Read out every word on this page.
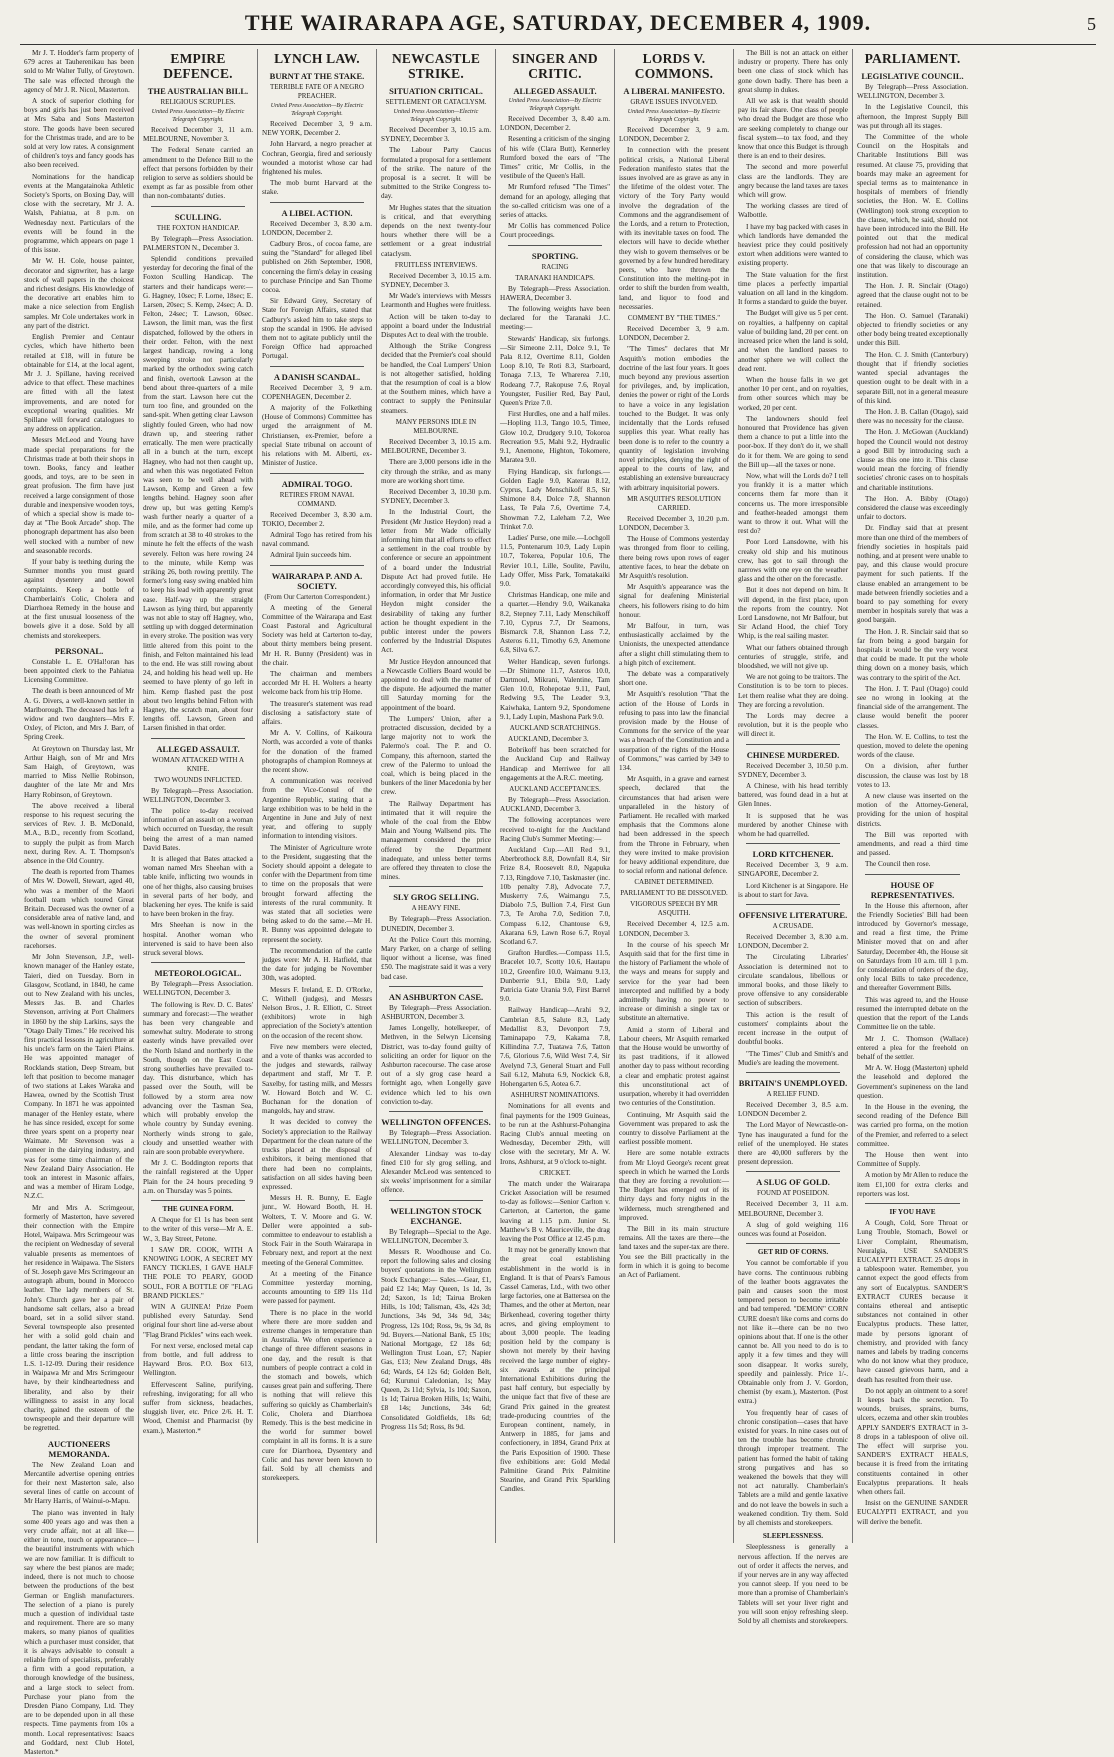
THE WAIRARAPA AGE, SATURDAY, DECEMBER 4, 1909.	5

Mr J. T. Hodder's farm property of 679 acres at Tauherenikau has been sold to Mr Walter Tully, of Greytown. The sale was effected through the agency of Mr J. R. Nicol, Masterton.

A stock of superior clothing for boys and girls has just been received at Mrs Saba and Sons Masterton store. The goods have been secured for the Christmas trade, and are to be sold at very low rates. A consignment of children's toys and fancy goods has also been received.

Nominations for the handicap events at the Mangatainoka Athletic Society's Sports, on Boxing Day, will close with the secretary, Mr J. A. Walsh, Pahiatua, at 8 p.m. on Wednesday next. Particulars of the events will be found in the programme, which appears on page 1 of this issue.

Mr W. H. Cole, house painter, decorator and signwriter, has a large stock of wall papers in the choicest and richest designs. His knowledge of the decorative art enables him to make a nice selection from English samples. Mr Cole undertakes work in any part of the district.

English Premier and Centaur cycles, which have hitherto been retailed at £18, will in future be obtainable for £14, at the local agent, Mr J. J. Spillane, having received advice to that effect. These machines are fitted with all the latest improvements, and are noted for exceptional wearing qualities. Mr Spillane will forward catalogues to any address on application.

Messrs McLeod and Young have made special preparations for the Christmas trade at both their shops in town. Books, fancy and leather goods, and toys, are to be seen in great profusion. The firm have just received a large consignment of those durable and inexpensive wooden toys, of which a special show is made to-day at "The Book Arcade" shop. The phonograph department has also been well stocked with a number of new and seasonable records.

If your baby is teething during the Summer months you must guard against dysentery and bowel complaints. Keep a bottle of Chamberlain's Colic, Cholera and Diarrhoea Remedy in the house and at the first unusual looseness of the bowels give it a dose. Sold by all chemists and storekeepers.

PERSONAL.

Constable L. E. O'Hal!oran has been appointed clerk to the Pahiatua Licensing Committee.

The death is been announced of Mr A. G. Divers, a well-known settler in Marlborough. The deceased has left a widow and two daughters—Mrs F. Oxley, of Picton, and Mrs J. Barr, of Spring Creek.

At Greytown on Thursday last, Mr Arthur Haigh, son of Mr and Mrs Sam Haigh, of Greytown, was married to Miss Nellie Robinson, daughter of the late Mr and Mrs Harry Robinson, of Greytown.

The above received a liberal response to his request securing the services of Rev. J. B. McDonald, M.A., B.D., recently from Scotland, to supply the pulpit as from March next, during Rev. A. T. Thompson's absence in the Old Country.

The death is reported from Thames of Mrs W. Dowell, Stewart, aged 40, who was a member of the Maori football team which toured Great Britain. Deceased was the owner of a considerable area of native land, and was well-known in sporting circles as the owner of several prominent racehorses.

Mr John Stevenson, J.P., well-known manager of the Hanley estate, Taieri, died on Tuesday. Born in Glasgow, Scotland, in 1840, he came out to New Zealand with his uncles, Messrs Jas. B. and Charles Stevenson, arriving at Port Chalmers in 1860 by the ship Larkins, says the "Otago Daily Times." He received his first practical lessons in agriculture at his uncle's farm on the Taieri Plains. He was appointed manager of Rocklands station, Deep Stream, but left that position to become manager of two stations at Lakes Waraka and Hawea, owned by the Scottish Trust Company. In 1871 he was appointed manager of the Henley estate, where he has since resided, except for some three years spent on a property near Waimate. Mr Stevenson was a pioneer in the dairying industry, and was for some time chairman of the New Zealand Dairy Association. He took an interest in Masonic affairs, and was a member of Hiram Lodge, N.Z.C.

Mr and Mrs A. Scrimgeour, formerly of Masterton, have severed their connection with the Empire Hotel, Waipawa. Mrs Scrimgeour was the recipient on Wednesday of several valuable presents as mementoes of her residence in Waipawa. The Sisters of St. Joseph gave Mrs Scrimgeour an autograph album, bound in Morocco leather. The lady members of St. John's Church gave her a pair of handsome salt cellars, also a bread board, set in a solid silver stand. Several townspeople also presented her with a solid gold chain and pendant, the latter taking the form of a little cross bearing the inscription L.S. 1-12-09. During their residence in Waipawa Mr and Mrs Scrimgeour have, by their kindheartedness and liberality, and also by their willingness to assist in any local charity, gained the esteem of the townspeople and their departure will be regretted.

AUCTIONEERS MEMORANDA.

The New Zealand Loan and Mercantile advertise opening entries for their next Masterton sale, also several lines of cattle on account of Mr Harry Harris, of Wainui-o-Mapu.

The piano was invented in Italy some 400 years ago and was then a very crude affair, not at all like—either in tone, touch or appearance—the beautiful instruments with which we are now familiar. It is difficult to say where the best pianos are made; indeed, there is not much to choose between the productions of the best German or English manufacturers. The selection of a piano is purely much a question of individual taste and requirement. There are so many makers, so many pianos of qualities which a purchaser must consider, that it is always advisable to consult a reliable firm of specialists, preferably a firm with a good reputation, a thorough knowledge of the business, and a large stock to select from. Purchase your piano from the Dresden Piano Company, Ltd. They are to be depended upon in all these respects. Time payments from 10s a month. Local representatives: Isaacs and Goddard, next Club Hotel, Masterton.*

EMPIRE DEFENCE.
THE AUSTRALIAN BILL.
RELIGIOUS SCRUPLES.
United Press Association—By Electric Telegraph Copyright.

Received December 3, 11 a.m. MELBOURNE, November 3.

The Federal Senate carried an amendment to the Defence Bill to the effect that persons forbidden by their religion to serve as soldiers should be exempt as far as possible from other than non-combatants' duties.

SCULLING.
THE FOXTON HANDICAP.

By Telegraph—Press Association. PALMERSTON N., December 3.

Splendid conditions prevailed yesterday for decoring the final of the Foxton Sculling Handicap. The starters and their handicaps were:— G. Hagney, 10sec; F. Lorne, 18sec; E. Larsen, 20sec; S. Kemp, 24sec; A. D. Felton, 24sec; T. Lawson, 60sec. Lawson, the limit man, was the first dispatched, followed by the others in their order. Felton, with the next largest handicap, rowing a long sweeping stroke not particularly marked by the orthodox swing catch and finish, overtook Lawson at the bend about three-quarters of a mile from the start. Lawson here cut the turn too fine, and grounded on the sand-spit. When getting clear Lawson slightly fouled Green, who had now drawn up, and steering rather erratically. The men were practically all in a bunch at the turn, except Hagney, who had not then caught up, and when this was negotiated Felton was seen to be well ahead with Lawson, Kemp and Green a few lengths behind. Hagney soon after drew up, but was getting Kemp's wash further nearly a quarter of a mile, and as the former had come up from scratch at 38 to 40 strokes to the minute he felt the effects of the wash severely. Felton was here rowing 24 to the minute, while Kemp was striking 26, both rowing prettily. The former's long easy swing enabled him to keep his lead with apparently great ease. Half-way up the straight Lawson as lying third, but apparently was not able to stay off Hagney, who, settling up with dogged determination in every stroke. The position was very little altered from this point to the finish, and Felton maintained his lead to the end. He was still rowing about 24, and holding his head well up. He seemed to have plenty of go left in him. Kemp flashed past the post about two lengths behind Felton with Hagney, the scratch man, about four lengths off. Lawson, Green and Larsen finished in that order.

ALLEGED ASSAULT.
WOMAN ATTACKED WITH A KNIFE.
TWO WOUNDS INFLICTED.

By Telegraph—Press Association. WELLINGTON, December 3.

The police to-day received information of an assault on a woman which occurred on Tuesday, the result being the arrest of a man named David Bates.

It is alleged that Bates attacked a woman named Mrs Sheehan with a table knife, inflicting two wounds in one of her thighs, also causing bruises in several parts of her body, and blackening her eyes. The knife is said to have been broken in the fray.

Mrs Sheehan is now in the hospital. Another woman who intervened is said to have been also struck several blows.

METEOROLOGICAL.

By Telegraph—Press Association. WELLINGTON, December 3.

The following is Rev. D. C. Bates' summary and forecast:—The weather has been very changeable and somewhat sultry. Moderate to strong easterly winds have prevailed over the North Island and northerly in the South, though on the East Coast strong southerlies have prevailed to-day. This disturbance, which has passed over the South, will be followed by a storm area now advancing over the Tasman Sea, which will probably envelop the whole country by Sunday evening. Northerly winds strong to gale, cloudy and unsettled weather with rain are soon probable everywhere.

Mr J. C. Boddington reports that the rainfall registered at the Upper Plain for the 24 hours preceding 9 a.m. on Thursday was 5 points.

THE GUINEA FORM.

A Cheque for £1 1s has been sent to the writer of this verse—Mr A. E. W., 3, Bay Street, Petone.

I SAW DR. COOK, WITH A KNOWING LOOK, A SECRET MY FANCY TICKLES, I GAVE HALF THE POLE TO PEARY, GOOD SOUL, FOR A BOTTLE OF "FLAG BRAND PICKLES."

WIN A GUINEA! Prize Poem published every Saturday. Send original four short line ad-verse about "Flag Brand Pickles" wins each week.

For next verse, enclosed metal cap from bottle, and full address to Hayward Bros. P.O. Box 613, Wellington.

Effervescent Saline, purifying, refreshing, invigorating; for all who suffer from sickness, headaches, sluggish liver, etc. Price 2/6. H. T. Wood, Chemist and Pharmacist (by exam.), Masterton.*

LYNCH LAW.
BURNT AT THE STAKE.
TERRIBLE FATE OF A NEGRO PREACHER.
United Press Association—By Electric Telegraph Copyright.

Received December 3, 9 a.m. NEW YORK, December 2.

John Harvard, a negro preacher at Cochran, Georgia, fired and seriously wounded a motorist whose car had frightened his mules.

The mob burnt Harvard at the stake.

A LIBEL ACTION.

Received December 3, 8.30 a.m. LONDON, December 2.

Cadbury Bros., of cocoa fame, are suing the "Standard" for alleged libel published on 26th September, 1908, concerning the firm's delay in ceasing to purchase Principe and San Thome cocoa.

Sir Edward Grey, Secretary of State for Foreign Affairs, stated that Cadbury's asked him to take steps to stop the scandal in 1906. He advised them not to agitate publicly until the Foreign Office had approached Portugal.

A DANISH SCANDAL.

Received December 3, 9 a.m. COPENHAGEN, December 2.

A majority of the Folkething (House of Commons) Committee has urged the arraignment of M. Christiansen, ex-Premier, before a special State tribunal on account of his relations with M. Alberti, ex-Minister of Justice.

ADMIRAL TOGO.
RETIRES FROM NAVAL COMMAND.

Received December 3, 8.30 a.m. TOKIO, December 2.

Admiral Togo has retired from his naval command.

Admiral Ijuin succeeds him.

WAIRARAPA P. AND A. SOCIETY.
(From Our Carterton Correspondent.)

A meeting of the General Committee of the Wairarapa and East Coast Pastoral and Agricultural Society was held at Carterton to-day, about thirty members being present. Mr H. R. Bunny (President) was in the chair.

The chairman and members accorded Mr H. H. Wolters a hearty welcome back from his trip Home.

The treasurer's statement was read disclosing a satisfactory state of affairs.

Mr A. V. Collins, of Kaikoura North, was accorded a vote of thanks for the donation of the framed photographs of champion Romneys at the recent show.

A communication was received from the Vice-Consul of the Argentine Republic, stating that a large exhibition was to be held in the Argentine in June and July of next year, and offering to supply information to intending visitors.

The Minister of Agriculture wrote to the President, suggesting that the Society should appoint a delegate to confer with the Department from time to time on the proposals that were brought forward affecting the interests of the rural community. It was stated that all societies were being asked to do the same.—Mr H. R. Bunny was appointed delegate to represent the society.

The recommendation of the cattle judges were: Mr A. H. Hatfield, that the date for judging be November 30th, was adopted.

Messrs F. Ireland, E. D. O'Rorke, C. Withell (judges), and Messrs Nelson Bros., J. R. Elliott, C. Street (exhibitors) wrote in high appreciation of the Society's attention on the occasion of the recent show.

Five new members were elected, and a vote of thanks was accorded to the judges and stewards, railway department and staff, Mr T. P. Saxelby, for tasting milk, and Messrs W. Howard Botch and W. C. Buchanan for the donation of mangolds, hay and straw.

It was decided to convey the Society's appreciation to the Railway Department for the clean nature of the trucks placed at the disposal of exhibitors, it being mentioned that there had been no complaints, satisfaction on all sides having been expressed.

Messrs H. R. Bunny, E. Eagle junr., W. Howard Booth, H. H. Wolters, T. V. Moore and G. W. Deller were appointed a sub-committee to endeavour to establish a Stock Fair in the South Wairarapa in February next, and report at the next meeting of the General Committee.

At a meeting of the Finance Committee yesterday morning, accounts amounting to £89 11s 11d were passed for payment.

There is no place in the world where there are more sudden and extreme changes in temperature than in Australia. We often experience a change of three different seasons in one day, and the result is that numbers of people contract a cold in the stomach and bowels, which causes great pain and suffering. There is nothing that will relieve this suffering so quickly as Chamberlain's Colic, Cholera and Diarrhoea Remedy. This is the best medicine in the world for summer bowel complaint in all its forms. It is a sure cure for Diarrhoea, Dysentery and Colic and has never been known to fail. Sold by all chemists and storekeepers.

NEWCASTLE STRIKE.
SITUATION CRITICAL.
SETTLEMENT OR CATACLYSM.
United Press Association—Electric Telegraph Copyright.

Received December 3, 10.15 a.m. SYDNEY, December 3.

The Labour Party Caucus formulated a proposal for a settlement of the strike. The nature of the proposal is a secret. It will be submitted to the Strike Congress to-day.

Mr Hughes states that the situation is critical, and that everything depends on the next twenty-four hours whether there will be a settlement or a great industrial cataclysm.

FRUITLESS INTERVIEWS.

Received December 3, 10.15 a.m. SYDNEY, December 3.

Mr Wade's interviews with Messrs Learmonth and Hughes were fruitless.

Action will be taken to-day to appoint a board under the Industrial Disputes Act to deal with the trouble.

Although the Strike Congress decided that the Premier's coal should be handled, the Coal Lumpers' Union is not altogether satisfied, holding that the resumption of coal is a blow at the Southern mines, which have a contract to supply the Peninsular steamers.

MANY PERSONS IDLE IN MELBOURNE.

Received December 3, 10.15 a.m. MELBOURNE, December 3.

There are 3,000 persons idle in the city through the strike, and as many more are working short time.

Received December 3, 10.30 p.m. SYDNEY, December 3.

In the Industrial Court, the President (Mr Justice Heydon) read a letter from Mr Wade officially informing him that all efforts to effect a settlement in the coal trouble by conference or secure an appointment of a board under the Industrial Dispute Act had proved futile. He accordingly conveyed this, his official information, in order that Mr Justice Heydon might consider the desirability of taking any further action he thought expedient in the public interest under the powers conferred by the Industrial Disputes Act.

Mr Justice Heydon announced that a Newcastle Colliers Board would be appointed to deal with the matter of the dispute. He adjourned the matter till Saturday morning for the appointment of the board.

The Lumpers' Union, after a protracted discussion, decided by a large majority not to work the Palermo's coal. The P. and O. Company, this afternoon, started the crew of the Palermo to unload the coal, which is being placed in the bunkers of the liner Macedonia by her crew.

The Railway Department has intimated that it will require the whole of the coal from the Ebbw Main and Young Wallsend pits. The management considered the price offered by the Department inadequate, and unless better terms are offered they threaten to close the mines.

SLY GROG SELLING.
A HEAVY FINE.

By Telegraph—Press Association. DUNEDIN, December 3.

At the Police Court this morning, Mary Parker, on a charge of selling liquor without a license, was fined £50. The magistrate said it was a very bad case.

AN ASHBURTON CASE.

By Telegraph—Press Association. ASHBURTON, December 3.

James Longelly, hotelkeeper, of Methven, in the Selwyn Licensing District, was to-day found guilty of soliciting an order for liquor on the Ashburton racecourse. The case arose out of a sly grog case heard a fortnight ago, when Longelly gave evidence which led to his own conviction to-day.

WELLINGTON OFFENCES.

By Telegraph—Press Association. WELLINGTON, December 3.

Alexander Lindsay was to-day fined £10 for sly grog selling, and Alexander McLeod was sentenced to six weeks' imprisonment for a similar offence.

WELLINGTON STOCK EXCHANGE.

By Telegraph—Special to the Age. WELLINGTON, December 3.

Messrs R. Woodhouse and Co. report the following sales and closing buyers' quotations in the Wellington Stock Exchange:— Sales.—Gear, £1, paid £2 14s; May Queen, 1s 1d, 3s 2d; Saxon, 1s 1d; Tairua Broken Hills, 1s 10d; Talisman, 43s, 42s 3d; Junctions, 34s 9d, 34s 9d, 34s; Progress, 12s 10d; Ross, 9s, 9s 3d, 8s 9d. Buyers.—National Bank, £5 10s; National Mortgage, £2 18s 6d; Wellington Trust Loan, £7; Napier Gas, £13; New Zealand Drugs, 48s 6d; Wards, £4 12s 6d; Golden Belt, 6d; Kurunui Caledonian, 1s; May Queen, 2s 11d; Sylvia, 1s 10d; Saxon, 1s 1d; Tairua Broken Hills, 1s; Waihi, £8 14s; Junctions, 34s 6d; Consolidated Goldfields, 18s 6d; Progress 11s 5d; Ross, 8s 9d.

SINGER AND CRITIC.
ALLEGED ASSAULT.
United Press Association—By Electric Telegraph Copyright.

Received December 3, 8.40 a.m. LONDON, December 2.

Resenting a criticism of the singing of his wife (Clara Butt), Kennerley Rumford boxed the ears of "The Times" critic, Mr Collis, in the vestibule of the Queen's Hall.

Mr Rumford refused "The Times" demand for an apology, alleging that the so-called criticism was one of a series of attacks.

Mr Collis has commenced Police Court proceedings.

SPORTING.
RACING
TARANAKI HANDICAPS.

By Telegraph—Press Association. HAWERA, December 3.

The following weights have been declared for the Taranaki J.C. meeting:—

Stewards' Handicap, six furlongs.—Sir Simeone 2.11, Dolce 9.1, Te Pala 8.12, Overtime 8.11, Golden Loop 8.10, Te Roti 8.3, Starboard, Tonaga 7.13, Te Wharerea 7.10, Rodeang 7.7, Rakopuse 7.6, Royal Youngster, Fusilier Red, Bay Paul, Queen's Prize 7.0.

First Hurdles, one and a half miles.—Hopling 11.3, Tango 10.5, Timee, Glow 10.2, Drudgery 9.10, Tokoroa Recreation 9.5, Mahi 9.2, Hydraulic 9.1, Anemone, Highton, Tokomere, Maratea 9.0.

Flying Handicap, six furlongs.—Golden Eagle 9.0, Katerau 8.12, Cyprus, Lady Menschikoff 8.5, Sir Shimone 8.4, Dolce 7.8, Shannon Lass, Te Pala 7.6, Overtime 7.4, Showman 7.2, Laleham 7.2, Wee Trinket 7.0.

Ladies' Purse, one mile.—Lochgoll 11.5, Pontenarum 10.9, Lady Lupin 10.7, Tokerea, Popular 10.6, The Revier 10.1, Lille, Soulite, Pavilu, Lady Offer, Miss Park, Tomatakaiki 9.0.

Christmas Handicap, one mile and a quarter.—Hendry 9.0, Waikanaka 8.2, Stepney 7.11, Lady Menschikoff 7.10, Cyprus 7.7, Dr Seamons, Bismarck 7.8, Shannon Lass 7.2, Asteros 6.11, Timothy 6.9, Anemone 6.8, Silva 6.7.

Welter Handicap, seven furlongs.—Dr Shimone 11.7, Asteros 10.0, Dartmoul, Mikrani, Valentine, Tam Glen 10.0, Rohepotae 9.11, Paul, Redwing 9.5, The Leader 9.3, Kaiwhaka, Lantern 9.2, Spondomene 9.1, Lady Lupin, Mashona Park 9.0.

AUCKLAND SCRATCHINGS.

AUCKLAND, December 3.

Bobrikoff has been scratched for the Auckland Cup and Railway Handicap and Merriwee for all engagements at the A.R.C. meeting.

AUCKLAND ACCEPTANCES.

By Telegraph—Press Association. AUCKLAND, December 3.

The following acceptances were received to-night for the Auckland Racing Club's Summer Meeting:—

Auckland Cup.—All Red 9.1, Aberbrothock 8.8, Downfall 8.4, Sir Frize 8.4, Roosevelt 8.0, Ngapuka 7.13, Ringdove 7.10, Taskmaster (inc. 10b penalty 7.8), Advocate 7.7, Muskerry 7.6, Waimangu 7.5, Diabolo 7.5, Bullion 7.4, First Gun 7.3, Te Aroha 7.0, Sedition 7.0, Compass 6.12, Chantouse 6.9, Akarana 6.9, Lawn Rose 6.7, Royal Scotland 6.7.

Grafton Hurdles.—Compass 11.5, Bracelet 10.7, Scotty 10.6, Hautapu 10.2, Greenfire 10.0, Waimanu 9.13, Dunberrie 9.1, Ebila 9.0, Lady Patricia Gate Urania 9.0, First Barrel 9.0.

Railway Handicap—Arahi 9.2, Cambrian 8.5, Salute 8.3, Lady Medallist 8.3, Devonport 7.9, Taminapapo 7.9, Kakama 7.8, Killindina 7.7, Tuatawa 7.6, Tatton 7.6, Glorious 7.6, Wild West 7.4, Sir Avelynd 7.3, General Stuart and Full Sail 6.12, Mahuta 6.9, Nockick 6.8, Hohengarten 6.5, Aotea 6.7.

ASHHURST NOMINATIONS.

Nominations for all events and final payments for the 1909 Guineas, to be run at the Ashhurst-Pohangina Racing Club's annual meeting on Wednesday, December 29th, will close with the secretary, Mr A. W. Irons, Ashhurst, at 9 o'clock to-night.

CRICKET.

The match under the Wairarapa Cricket Association will be resumed to-day as follows:—Senior Carlton v. Carterton, at Carterton, the game leaving at 1.15 p.m. Junior St. Matthew's B v. Mauriceville, the drag leaving the Post Office at 12.45 p.m.

It may not be generally known that the great coal establishing establishment in the world is in England. It is that of Pears's Famous Cassel Cameras, Ltd., with two other large factories, one at Battersea on the Thames, and the other at Merton, near Birkenhead, covering together thirty acres, and giving employment to about 3,000 people. The leading position held by the company is shown not merely by their having received the large number of eighty-six awards at the principal International Exhibitions during the past half century, but especially by the unique fact that five of these are Grand Prix gained in the greatest trade-producing countries of the European continent, namely, in Antwerp in 1885, for jams and confectionery, in 1894, Grand Prix at the Paris Exposition of 1900. These five exhibitions are: Gold Medal Palmitine Grand Prix Palmitine Stearine, and Grand Prix Sparkling Candles.

LORDS V. COMMONS.
A LIBERAL MANIFESTO.
GRAVE ISSUES INVOLVED.
United Press Association—By Electric Telegraph Copyright.

Received December 3, 9 a.m. LONDON, December 2.

In connection with the present political crisis, a National Liberal Federation manifesto states that the issues involved are as grave as any in the lifetime of the oldest voter. The victory of the Tory Party would involve the degradation of the Commons and the aggrandisement of the Lords, and a return to Protection, with its inevitable taxes on food. The electors will have to decide whether they wish to govern themselves or be governed by a few hundred hereditary peers, who have thrown the Constitution into the melting-pot in order to shift the burden from wealth, land, and liquor to food and necessaries.

COMMENT BY "THE TIMES."

Received December 3, 9 a.m. LONDON, December 2.

"The Times" declares that Mr Asquith's motion embodies the doctrine of the last four years. It goes much beyond any previous assertion for privileges, and, by implication, denies the power or right of the Lords to have a voice in any legislation touched to the Budget. It was only incidentally that the Lords refused supplies this year. What really has been done is to refer to the country a quantity of legislation involving novel principles, denying the right of appeal to the courts of law, and establishing an extensive bureaucracy with arbitrary inquisitorial powers.

MR ASQUITH'S RESOLUTION CARRIED.

Received December 3, 10.20 p.m. LONDON, December 3.

The House of Commons yesterday was thronged from floor to ceiling, there being rows upon rows of eager attentive faces, to hear the debate on Mr Asquith's resolution.

Mr Asquith's appearance was the signal for deafening Ministerial cheers, his followers rising to do him honour.

Mr Balfour, in turn, was enthusiastically acclaimed by the Unionists, the unexpected attendance after a slight chill stimulating them to a high pitch of excitement.

The debate was a comparatively short one.

Mr Asquith's resolution "That the action of the House of Lords in refusing to pass into law the financial provision made by the House of Commons for the service of the year was a breach of the Constitution and a usurpation of the rights of the House of Commons," was carried by 349 to 134.

Mr Asquith, in a grave and earnest speech, declared that the circumstances that had arisen were unparalleled in the history of Parliament. He recalled with marked emphasis that the Commons alone had been addressed in the speech from the Throne in February, when they were invited to make provision for heavy additional expenditure, due to social reform and national defence.

CABINET DETERMINED.
PARLIAMENT TO BE DISSOLVED.
VIGOROUS SPEECH BY MR ASQUITH.

Received December 4, 12.5 a.m. LONDON, December 3.

In the course of his speech Mr Asquith said that for the first time in the history of Parliament the whole of the ways and means for supply and service for the year had been intercepted and nullified by a body admittedly having no power to increase or diminish a single tax or substitute an alternative.

Amid a storm of Liberal and Labour cheers, Mr Asquith remarked that the House would be unworthy of its past traditions, if it allowed another day to pass without recording a clear and emphatic protest against this unconstitutional act of usurpation, whereby it had overridden two centuries of the Constitution.

Continuing, Mr Asquith said the Government was prepared to ask the country to dissolve Parliament at the earliest possible moment.

Here are some notable extracts from Mr Lloyd George's recent great speech in which he warned the Lords that they are forcing a revolution:— The Budget has emerged out of its thirty days and forty nights in the wilderness, much strengthened and improved.

The Bill in its main structure remains. All the taxes are there—the land taxes and the super-tax are there. You see the Bill practically in the form in which it is going to become an Act of Parliament.

The Bill is not an attack on either industry or property. There has only been one class of stock which has gone down badly. There has been a great slump in dukes.

All we ask is that wealth should pay its fair share. One class of people who dread the Budget are those who are seeking completely to change our fiscal system—to tax food, and they know that once this Budget is through there is an end to their desires.

The second and more powerful class are the landlords. They are angry because the land taxes are taxes which will grow.

The working classes are tired of Walbottle.

I have my bag packed with cases in which landlords have demanded the heaviest price they could positively extort when additions were wanted to existing property.

The State valuation for the first time places a perfectly impartial valuation on all land in the kingdom. It forms a standard to guide the buyer.

The Budget will give us 5 per cent. on royalties, a halfpenny on capital value of building land, 20 per cent. on increased price when the land is sold, and when the landlord passes to another sphere we will collect the dead rent.

When the house falls in we get another 10 per cent., and on royalties, from other sources which may be worked, 20 per cent.

The landowners should feel honoured that Providence has given them a chance to put a little into the poor-box. If they don't do it, we shall do it for them. We are going to send the Bill up—all the taxes or none.

Now, what will the Lords do? I tell you frankly it is a matter which concerns them far more than it concerns us. The more irresponsible and feather-headed amongst them want to throw it out. What will the rest do?

Poor Lord Lansdowne, with his creaky old ship and his mutinous crew, has got to sail through the narrows with one eye on the weather glass and the other on the forecastle.

But it does not depend on him. It will depend, in the first place, upon the reports from the country. Not Lord Lansdowne, not Mr Balfour, but Sir Acland Hood, the chief Tory Whip, is the real sailing master.

What our fathers obtained through centuries of struggle, strife, and bloodshed, we will not give up.

We are not going to be traitors. The Constitution is to be torn to pieces. Let them realise what they are doing. They are forcing a revolution.

The Lords may decree a revolution, but it is the people who will direct it.

CHINESE MURDERED.

Received December 3, 10.50 p.m. SYDNEY, December 3.

A Chinese, with his head terribly battered, was found dead in a hut at Glen Innes.

It is supposed that he was murdered by another Chinese with whom he had quarrelled.

LORD KITCHENER.

Received December 3, 9 a.m. SINGAPORE, December 2.

Lord Kitchener is at Singapore. He is about to start for Java.

OFFENSIVE LITERATURE.
A CRUSADE.

Received December 3, 8.30 a.m. LONDON, December 2.

The Circulating Libraries' Association is determined not to circulate scandalous, libellous or immoral books, and those likely to prove offensive to any considerable section of subscribers.

This action is the result of customers' complaints about the recent increase in the output of doubtful books.

"The Times" Club and Smith's and Mudie's are leading the movement.

BRITAIN'S UNEMPLOYED.
A RELIEF FUND.

Received December 3, 8.5 a.m. LONDON December 2.

The Lord Mayor of Newcastle-on-Tyne has inaugurated a fund for the relief of the unemployed. He states there are 40,000 sufferers by the present depression.

A SLUG OF GOLD.
FOUND AT POSEIDON.

Received December 3, 11 a.m. MELBOURNE, December 3.

A slug of gold weighing 116 ounces was found at Poseidon.

GET RID OF CORNS.

You cannot be comfortable if you have corns. The continuous rubbing of the leather boots aggravates the pain and causes soon the most tempered person to become irritable and bad tempered. "DEMON" CORN CURE doesn't like corns and corns do not like it—there can be no two opinions about that. If one is the other cannot be. All you need to do is to apply it a few times and they will soon disappear. It works surely, speedily and painlessly. Price 1/-. Obtainable only from J. V. Gordon, chemist (by exam.), Masterton. (Post extra.)

You frequently hear of cases of chronic constipation—cases that have existed for years. In nine cases out of ten the trouble has become chronic through improper treatment. The patient has formed the habit of taking strong purgatives and has so weakened the bowels that they will not act naturally. Chamberlain's Tablets are a mild and gentle laxative and do not leave the bowels in such a weakened condition. Try them. Sold by all chemists and storekeepers.

SLEEPLESSNESS.

Sleeplessness is generally a nervous affection. If the nerves are out of order it affects the nerves, and if your nerves are in any way affected you cannot sleep. If you need to be more than a promise of Chamberlain's Tablets will set your liver right and you will soon enjoy refreshing sleep. Sold by all chemists and storekeepers.

PARLIAMENT.
LEGISLATIVE COUNCIL.

By Telegraph—Press Association. WELLINGTON, December 3.

In the Legislative Council, this afternoon, the Imprest Supply Bill was put through all its stages.

The Committee of the whole Council on the Hospitals and Charitable Institutions Bill was resumed. At clause 75, providing that boards may make an agreement for special terms as to maintenance in hospitals of members of friendly societies, the Hon. W. E. Collins (Wellington) took strong exception to the clause, which, he said, should not have been introduced into the Bill. He pointed out that the medical profession had not had an opportunity of considering the clause, which was one that was likely to discourage an institution.

The Hon. J. R. Sinclair (Otago) agreed that the clause ought not to be retained.

The Hon. O. Samuel (Taranaki) objected to friendly societies or any other body being treated exceptionally under this Bill.

The Hon. C. J. Smith (Canterbury) thought that if friendly societies wanted special advantages the question ought to be dealt with in a separate Bill, not in a general measure of this kind.

The Hon. J. B. Callan (Otago), said there was no necessity for the clause.

The Hon. J. McGowan (Auckland) hoped the Council would not destroy a good Bill by introducing such a clause as this one into it. This clause would mean the forcing of friendly societies' chronic cases on to hospitals and charitable institutions.

The Hon. A. Bibby (Otago) considered the clause was exceedingly unfair to doctors.

Dr. Findlay said that at present more than one third of the members of friendly societies in hospitals paid nothing, and at present were unable to pay, and this clause would procure payment for such patients. If the clause enabled an arrangement to be made between friendly societies and a board to pay something for every member in hospitals surely that was a good bargain.

The Hon. J. R. Sinclair said that so far from being a good bargain for hospitals it would be the very worst that could be made. It put the whole thing down on a money basis, which was contrary to the spirit of the Act.

The Hon. J. T. Paul (Otago) could see no wrong in looking at the financial side of the arrangement. The clause would benefit the poorer classes.

The Hon. W. E. Collins, to test the question, moved to delete the opening words of the clause.

On a division, after further discussion, the clause was lost by 18 votes to 13.

A new clause was inserted on the motion of the Attorney-General, providing for the union of hospital districts.

The Bill was reported with amendments, and read a third time and passed.

The Council then rose.

HOUSE OF REPRESENTATIVES.

In the House this afternoon, after the Friendly Societies' Bill had been introduced by Governor's message, and read a first time, the Prime Minister moved that on and after Saturday, December 4th, the House sit on Saturdays from 10 a.m. till 1 p.m. for consideration of orders of the day, only local Bills to take precedence, and thereafter Government Bills.

This was agreed to, and the House resumed the interrupted debate on the question that the report of the Lands Committee lie on the table.

Mr J. C. Thomson (Wallace) entered a plea for the freehold on behalf of the settler.

Mr A. W. Hogg (Masterton) upheld the leasehold and deplored the Government's supineness on the land question.

In the House in the evening, the second reading of the Defence Bill was carried pro forma, on the motion of the Premier, and referred to a select committee.

The House then went into Committee of Supply.

A motion by Mr Allen to reduce the item £1,100 for extra clerks and reporters was lost.

IF YOU HAVE

A Cough, Cold, Sore Throat or Lung Trouble, Stomach, Bowel or Liver Complaint, Rheumatism, Neuralgia, USE SANDER'S EUCALYPTI EXTRACT. 25 drops in a tablespoon water. Remember, you cannot expect the good effects from any sort of Eucalyptus. SANDER'S EXTRACT CURES because it contains ethereal and antiseptic substances not contained in other Eucalyptus products. These latter, made by persons ignorant of chemistry, and provided with fancy names and labels by trading concerns who do not know what they produce, have caused grievous harm, and a death has resulted from their use.

Do not apply an ointment to a sore! It keeps back the secretion. To wounds, bruises, sprains, burns, ulcers, eczema and other skin troubles APPLY SANDER'S EXTRACT in 3-8 drops in a tablespoon of olive oil. The effect will surprise you. SANDER'S EXTRACT HEALS, because it is freed from the irritating constituents contained in other Eucalyptus preparations. It heals when others fail.

Insist on the GENUINE SANDER EUCALYPTI EXTRACT, and you will derive the benefit.
